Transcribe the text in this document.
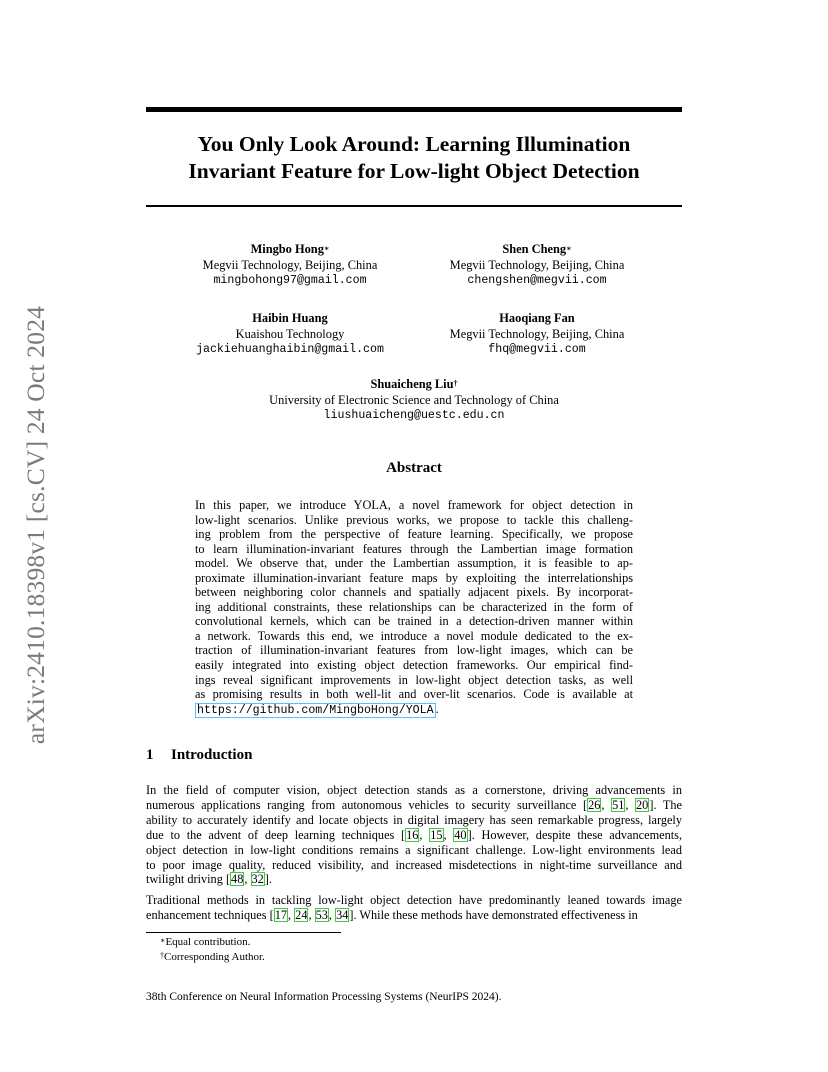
arXiv:2410.18398v1 [cs.CV] 24 Oct 2024
You Only Look Around: Learning Illumination
Invariant Feature for Low-light Object Detection
Mingbo Hong∗
Megvii Technology, Beijing, China
mingbohong97@gmail.com
Shen Cheng∗
Megvii Technology, Beijing, China
chengshen@megvii.com
Haibin Huang
Kuaishou Technology
jackiehuanghaibin@gmail.com
Haoqiang Fan
Megvii Technology, Beijing, China
fhq@megvii.com
Shuaicheng Liu†
University of Electronic Science and Technology of China
liushuaicheng@uestc.edu.cn
Abstract
In this paper, we introduce YOLA, a novel framework for object detection in
low-light scenarios. Unlike previous works, we propose to tackle this challeng-
ing problem from the perspective of feature learning. Specifically, we propose
to learn illumination-invariant features through the Lambertian image formation
model. We observe that, under the Lambertian assumption, it is feasible to ap-
proximate illumination-invariant feature maps by exploiting the interrelationships
between neighboring color channels and spatially adjacent pixels. By incorporat-
ing additional constraints, these relationships can be characterized in the form of
convolutional kernels, which can be trained in a detection-driven manner within
a network. Towards this end, we introduce a novel module dedicated to the ex-
traction of illumination-invariant features from low-light images, which can be
easily integrated into existing object detection frameworks. Our empirical find-
ings reveal significant improvements in low-light object detection tasks, as well
as promising results in both well-lit and over-lit scenarios. Code is available at
https://github.com/MingboHong/YOLA .
1 Introduction
In the field of computer vision, object detection stands as a cornerstone, driving advancements in
numerous applications ranging from autonomous vehicles to security surveillance [26, 51, 20]. The
ability to accurately identify and locate objects in digital imagery has seen remarkable progress, largely
due to the advent of deep learning techniques [16, 15, 40]. However, despite these advancements,
object detection in low-light conditions remains a significant challenge. Low-light environments lead
to poor image quality, reduced visibility, and increased misdetections in night-time surveillance and
twilight driving [48, 32].
Traditional methods in tackling low-light object detection have predominantly leaned towards image
enhancement techniques [17, 24, 53, 34]. While these methods have demonstrated effectiveness in
∗Equal contribution.
†Corresponding Author.
38th Conference on Neural Information Processing Systems (NeurIPS 2024).
